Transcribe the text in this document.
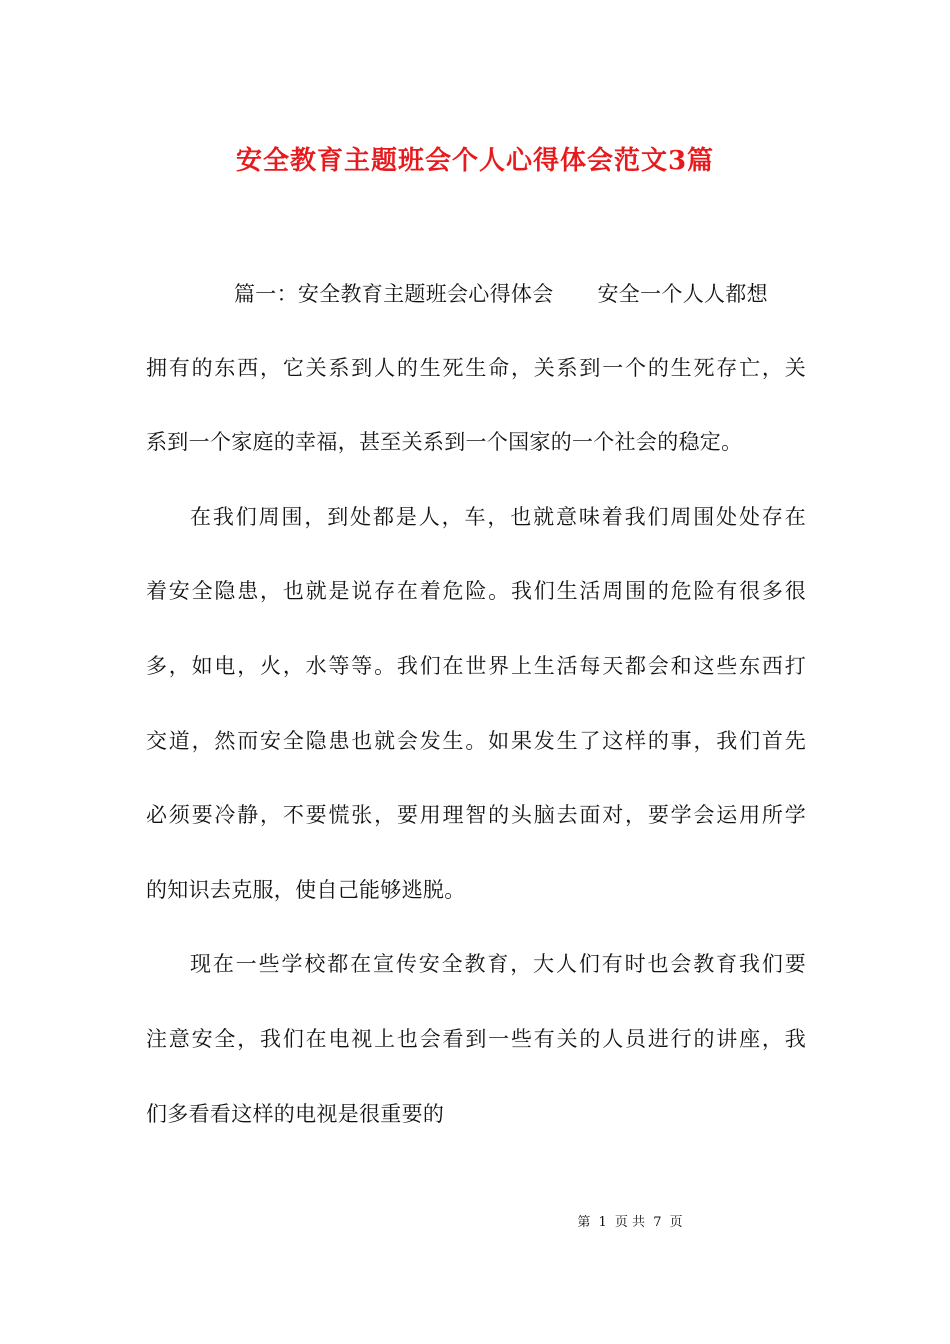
安全教育主题班会个人心得体会范文3篇
篇一：安全教育主题班会心得体会 安全一个人人都想
拥有的东西，它关系到人的生死生命，关系到一个的生死存亡，关
系到一个家庭的幸福，甚至关系到一个国家的一个社会的稳定。
在我们周围，到处都是人，车，也就意味着我们周围处处存在
着安全隐患，也就是说存在着危险。我们生活周围的危险有很多很
多，如电，火，水等等。我们在世界上生活每天都会和这些东西打
交道，然而安全隐患也就会发生。如果发生了这样的事，我们首先
必须要冷静，不要慌张，要用理智的头脑去面对，要学会运用所学
的知识去克服，使自己能够逃脱。
现在一些学校都在宣传安全教育，大人们有时也会教育我们要
注意安全，我们在电视上也会看到一些有关的人员进行的讲座，我
们多看看这样的电视是很重要的
第 1 页 共 7 页
